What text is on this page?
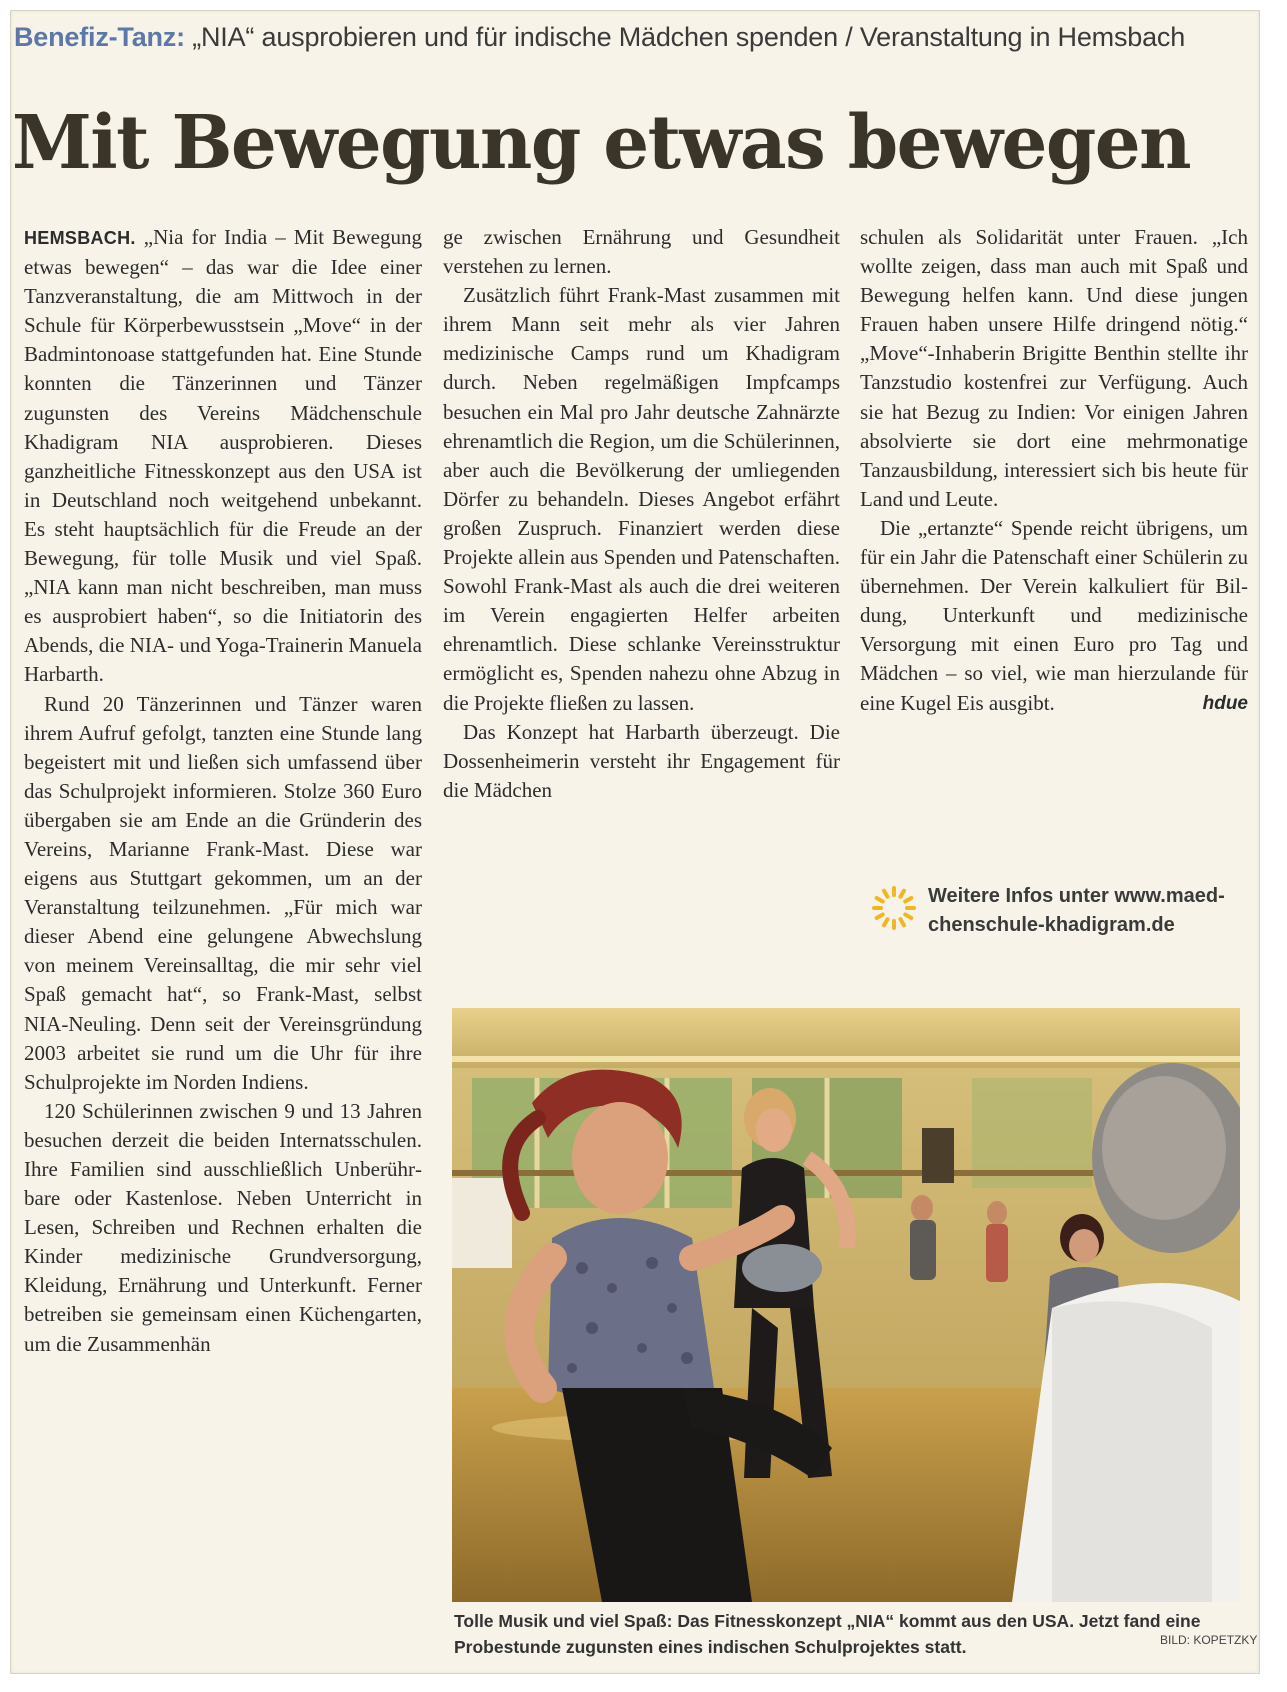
Benefiz-Tanz: „NIA“ ausprobieren und für indische Mädchen spenden / Veranstaltung in Hemsbach
Mit Bewegung etwas bewegen

HEMSBACH. „Nia for India – Mit Bewegung etwas bewegen“ – das war die Idee einer Tanzveranstaltung, die am Mittwoch in der Schule für Körperbewusstsein „Move“ in der Badmintonoase stattgefunden hat. Eine Stunde konnten die Tänzerinnen und Tänzer zugunsten des Vereins Mädchenschule Khadigram NIA ausprobieren. Dieses ganzheitliche Fitnesskonzept aus den USA ist in Deutschland noch weitgehend unbekannt. Es steht hauptsächlich für die Freude an der Bewegung, für tolle Musik und viel Spaß. „NIA kann man nicht beschreiben, man muss es ausprobiert haben“, so die Initiatorin des Abends, die NIA- und Yoga-Trainerin Manuela Harbarth.

Rund 20 Tänzerinnen und Tänzer waren ihrem Aufruf gefolgt, tanzten eine Stunde lang begeistert mit und ließen sich umfassend über das Schulprojekt informieren. Stolze 360 Euro übergaben sie am Ende an die Gründerin des Vereins, Marianne Frank-Mast. Diese war eigens aus Stuttgart gekommen, um an der Veranstaltung teilzunehmen. „Für mich war dieser Abend eine gelungene Abwechslung von meinem Vereinsalltag, die mir sehr viel Spaß gemacht hat“, so Frank-Mast, selbst NIA-Neuling. Denn seit der Vereinsgründung 2003 arbeitet sie rund um die Uhr für ihre Schulprojekte im Norden Indiens.

120 Schülerinnen zwischen 9 und 13 Jahren besuchen derzeit die beiden Internatsschulen. Ihre Familien sind ausschließlich Unberührbare oder Kastenlose. Neben Unterricht in Lesen, Schreiben und Rechnen erhalten die Kinder medizinische Grundversorgung, Kleidung, Ernährung und Unterkunft. Ferner betreiben sie gemeinsam einen Küchengarten, um die Zusammenhän

ge zwischen Ernährung und Gesundheit verstehen zu lernen.

Zusätzlich führt Frank-Mast zusammen mit ihrem Mann seit mehr als vier Jahren medizinische Camps rund um Khadigram durch. Neben regelmäßigen Impfcamps besuchen ein Mal pro Jahr deutsche Zahnärzte ehrenamtlich die Region, um die Schülerinnen, aber auch die Bevölkerung der umliegenden Dörfer zu behandeln. Dieses Angebot erfährt großen Zuspruch. Finanziert werden diese Projekte allein aus Spenden und Patenschaften. Sowohl Frank-Mast als auch die drei weiteren im Verein engagierten Helfer arbeiten ehrenamtlich. Diese schlanke Vereinsstruktur ermöglicht es, Spenden nahezu ohne Abzug in die Projekte fließen zu lassen.

Das Konzept hat Harbarth überzeugt. Die Dossenheimerin versteht ihr Engagement für die Mädchen

schulen als Solidarität unter Frauen. „Ich wollte zeigen, dass man auch mit Spaß und Bewegung helfen kann. Und diese jungen Frauen haben unsere Hilfe dringend nötig.“ „Move“-Inhaberin Brigitte Benthin stellte ihr Tanzstudio kostenfrei zur Verfügung. Auch sie hat Bezug zu Indien: Vor einigen Jahren absolvierte sie dort eine mehrmonatige Tanzausbildung, interessiert sich bis heute für Land und Leute.

Die „ertanzte“ Spende reicht übrigens, um für ein Jahr die Patenschaft einer Schülerin zu übernehmen. Der Verein kalkuliert für Bildung, Unterkunft und medizinische Versorgung mit einen Euro pro Tag und Mädchen – so viel, wie man hierzulande für eine Kugel Eis ausgibt.	hdue
Weitere Infos unter www.maedchenschule-khadigram.de
Tolle Musik und viel Spaß: Das Fitnesskonzept „NIA“ kommt aus den USA. Jetzt fand eine Probestunde zugunsten eines indischen Schulprojektes statt.	BILD: KOPETZKY
